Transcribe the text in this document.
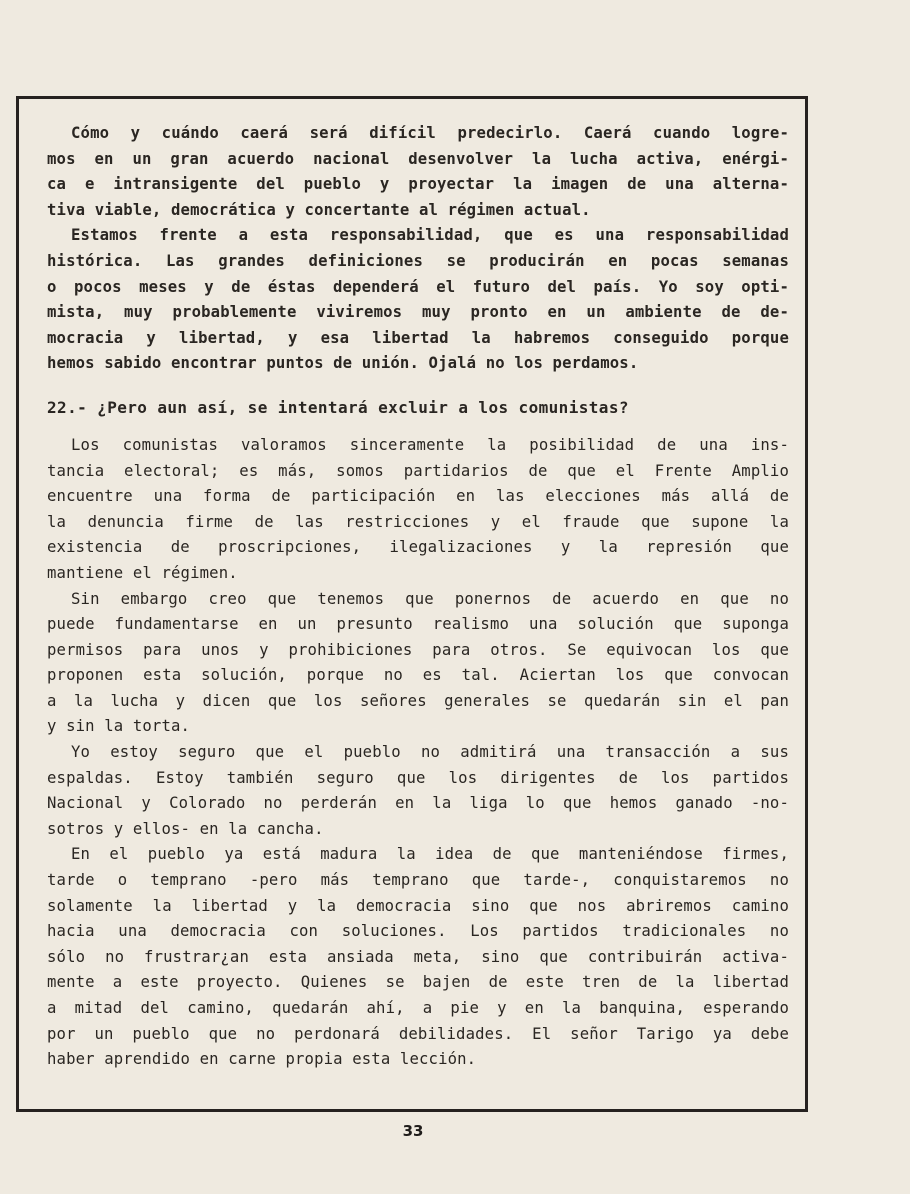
Cómo y cuándo caerá será difícil predecirlo. Caerá cuando logre-
mos en un gran acuerdo nacional desenvolver la lucha activa, enérgi-
ca e intransigente del pueblo y proyectar la imagen de una alterna-
tiva viable, democrática y concertante al régimen actual.

Estamos frente a esta responsabilidad, que es una responsabilidad
histórica. Las grandes definiciones se producirán en pocas semanas
o pocos meses y de éstas dependerá el futuro del país. Yo soy opti-
mista, muy probablemente viviremos muy pronto en un ambiente de de-
mocracia y libertad, y esa libertad la habremos conseguido porque
hemos sabido encontrar puntos de unión. Ojalá no los perdamos.

22.- ¿Pero aun así, se intentará excluir a los comunistas?

Los comunistas valoramos sinceramente la posibilidad de una ins-
tancia electoral; es más, somos partidarios de que el Frente Amplio
encuentre una forma de participación en las elecciones más allá de
la denuncia firme de las restricciones y el fraude que supone la
existencia de proscripciones, ilegalizaciones y la represión que
mantiene el régimen.

Sin embargo creo que tenemos que ponernos de acuerdo en que no
puede fundamentarse en un presunto realismo una solución que suponga
permisos para unos y prohibiciones para otros. Se equivocan los que
proponen esta solución, porque no es tal. Aciertan los que convocan
a la lucha y dicen que los señores generales se quedarán sin el pan
y sin la torta.

Yo estoy seguro que el pueblo no admitirá una transacción a sus
espaldas. Estoy también seguro que los dirigentes de los partidos
Nacional y Colorado no perderán en la liga lo que hemos ganado -no-
sotros y ellos- en la cancha.

En el pueblo ya está madura la idea de que manteniéndose firmes,
tarde o temprano -pero más temprano que tarde-, conquistaremos no
solamente la libertad y la democracia sino que nos abriremos camino
hacia una democracia con soluciones. Los partidos tradicionales no
sólo no frustrar¿an esta ansiada meta, sino que contribuirán activa-
mente a este proyecto. Quienes se bajen de este tren de la libertad
a mitad del camino, quedarán ahí, a pie y en la banquina, esperando
por un pueblo que no perdonará debilidades. El señor Tarigo ya debe
haber aprendido en carne propia esta lección.

33
